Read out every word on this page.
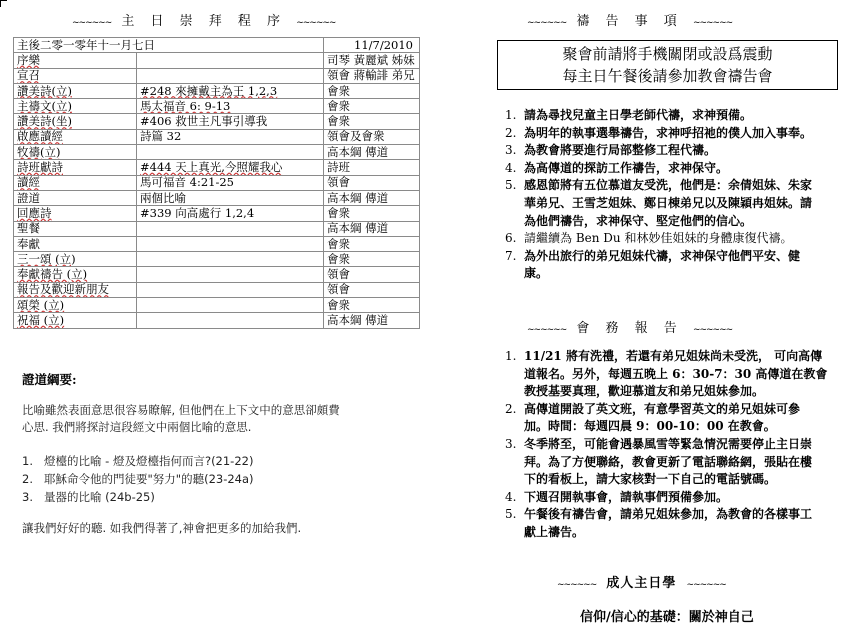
~~~~~~ 主 日 崇 拜 程 序 ~~~~~~
主後二零一零年十一月七日		11/7/2010
序樂		司琴 黃麗斌 姊妹
宣召		領會 蔣輸誹 弟兄
讚美詩(立)	#248 來擁戴主為王 1,2,3	會衆
主禱文(立)	馬太福音 6: 9-13	會衆
讚美詩(坐)	#406 救世主凡事引導我	會衆
啟應讀經	詩篇 32	領會及會衆
牧禱(立)		高本綱 傳道
詩班獻詩	#444 天上真光,今照耀我心	詩班
讀經	馬可福音 4:21-25	領會
證道	兩個比喻	高本綱 傳道
回應詩	#339 向高處行 1,2,4	會衆
聖餐		高本綱 傳道
奉獻		會衆
三一頌 (立)		會衆
奉獻禱告 (立)		領會
報告及歡迎新朋友		領會
頌榮 (立)		會衆
祝福 (立)		高本綱 傳道
證道綱要:
比喻雖然表面意思很容易瞭解, 但他們在上下文中的意思卻頗費
心思. 我們將探討這段經文中兩個比喻的意思.
1. 燈檯的比喻 - 燈及燈檯指何而言?(21-22)
2. 耶穌命令他的門徒要"努力"的聽(23-24a)
3. 量器的比喻 (24b-25)
讓我們好好的聽. 如我們得著了,神會把更多的加給我們.
~~~~~~ 禱 告 事 項 ~~~~~~
聚會前請將手機關閉或設爲震動
每主日午餐後請參加教會禱告會
1. 請為尋找兒童主日學老師代禱，求神預備。
2. 為明年的執事選舉禱告，求神呼招祂的僕人加入事奉。
3. 為教會將要進行局部整修工程代禱。
4. 為高傳道的探訪工作禱告，求神保守。
5. 感恩節將有五位慕道友受洗，他們是：余倩姐妹、朱家
華弟兄、王雪芝姐妹、鄭日棟弟兄以及陳穎冉姐妹。請
為他們禱告，求神保守、堅定他們的信心。
6. 請繼續為 Ben Du 和林妙佳姐妹的身體康復代禱。
7. 為外出旅行的弟兄姐妹代禱，求神保守他們平安、健
康。
~~~~~~ 會 務 報 告 ~~~~~~
1. 11/21 將有洗禮，若還有弟兄姐妹尚未受洗， 可向高傳
道報名。另外，每週五晚上 6：30-7：30 高傳道在教會
教授基要真理，歡迎慕道友和弟兄姐妹參加。
2. 高傳道開設了英文班，有意學習英文的弟兄姐妹可參
加。時間：每週四晨 9：00-10：00 在教會。
3. 冬季將至，可能會遇暴風雪等緊急情況需要停止主日崇
拜。為了方便聯絡，教會更新了電話聯絡網，張貼在樓
下的看板上，請大家核對一下自己的電話號碼。
4. 下週召開執事會，請執事們預備參加。
5. 午餐後有禱告會，請弟兄姐妹參加，為教會的各樣事工
獻上禱告。
~~~~~~ 成人主日學 ~~~~~~
信仰/信心的基礎：關於神自己
